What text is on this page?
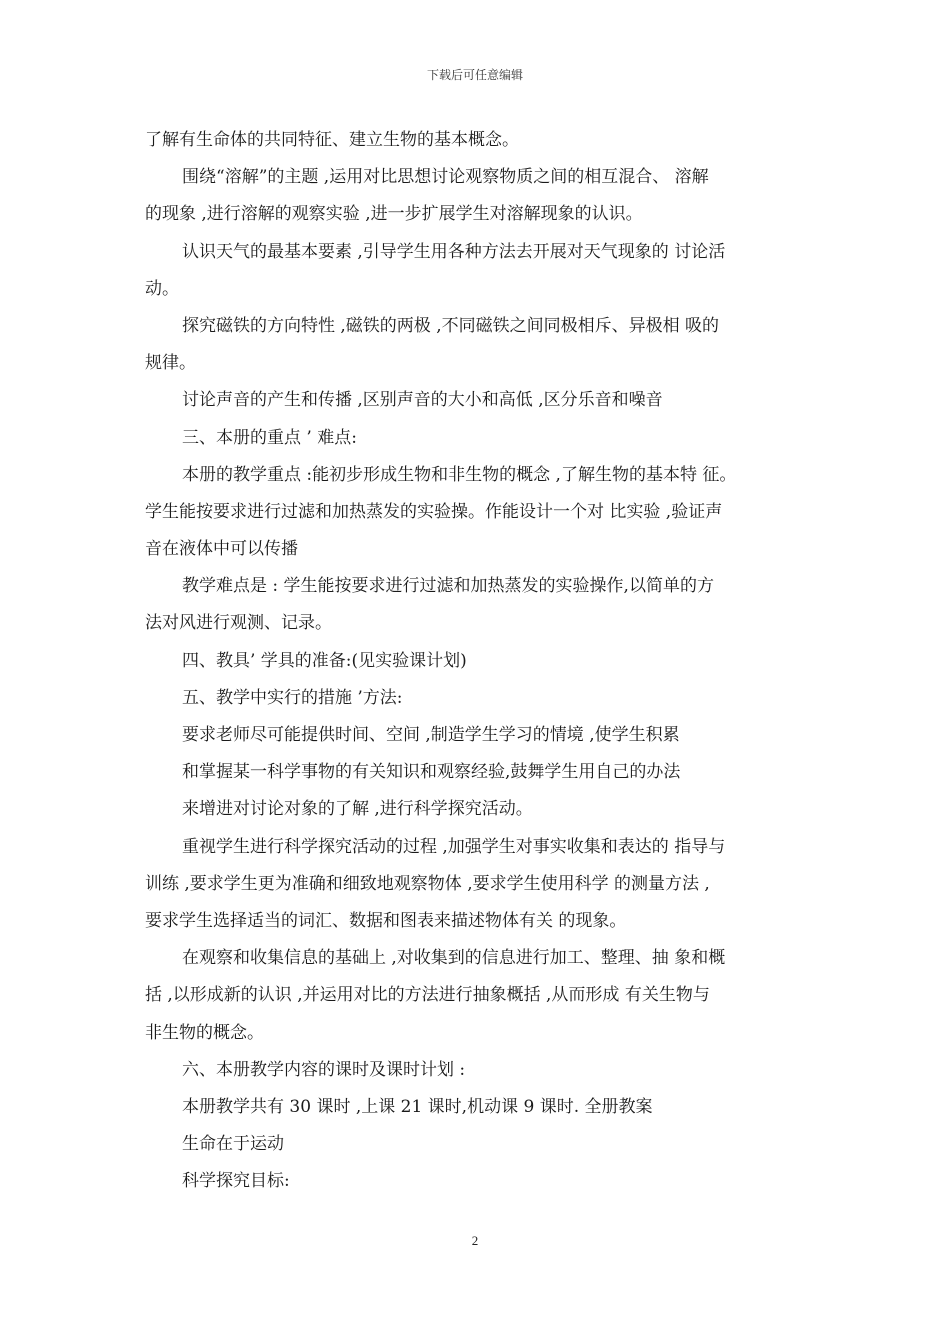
下载后可任意编辑
了解有生命体的共同特征、建立生物的基本概念。
围绕“溶解”的主题 ,运用对比思想讨论观察物质之间的相互混合、 溶解
的现象 ,进行溶解的观察实验 ,进一步扩展学生对溶解现象的认识。
认识天气的最基本要素 ,引导学生用各种方法去开展对天气现象的 讨论活
动。
探究磁铁的方向特性 ,磁铁的两极 ,不同磁铁之间同极相斥、异极相 吸的
规律。
讨论声音的产生和传播 ,区别声音的大小和高低 ,区分乐音和噪音
三、本册的重点 ’ 难点:
本册的教学重点 :能初步形成生物和非生物的概念 ,了解生物的基本特 征。
学生能按要求进行过滤和加热蒸发的实验操。作能设计一个对 比实验 ,验证声
音在液体中可以传播
教学难点是 : 学生能按要求进行过滤和加热蒸发的实验操作,以简单的方
法对风进行观测、记录。
四、教具’ 学具的准备:(见实验课计划)
五、教学中实行的措施 ’方法:
要求老师尽可能提供时间、空间 ,制造学生学习的情境 ,使学生积累
和掌握某一科学事物的有关知识和观察经验,鼓舞学生用自己的办法
来增进对讨论对象的了解 ,进行科学探究活动。
重视学生进行科学探究活动的过程 ,加强学生对事实收集和表达的 指导与
训练 ,要求学生更为准确和细致地观察物体 ,要求学生使用科学 的测量方法 ,
要求学生选择适当的词汇、数据和图表来描述物体有关 的现象。
在观察和收集信息的基础上 ,对收集到的信息进行加工、整理、抽 象和概
括 ,以形成新的认识 ,并运用对比的方法进行抽象概括 ,从而形成 有关生物与
非生物的概念。
六、本册教学内容的课时及课时计划 :
本册教学共有 30 课时 ,上课 21 课时,机动课 9 课时. 全册教案
生命在于运动
科学探究目标:
2
